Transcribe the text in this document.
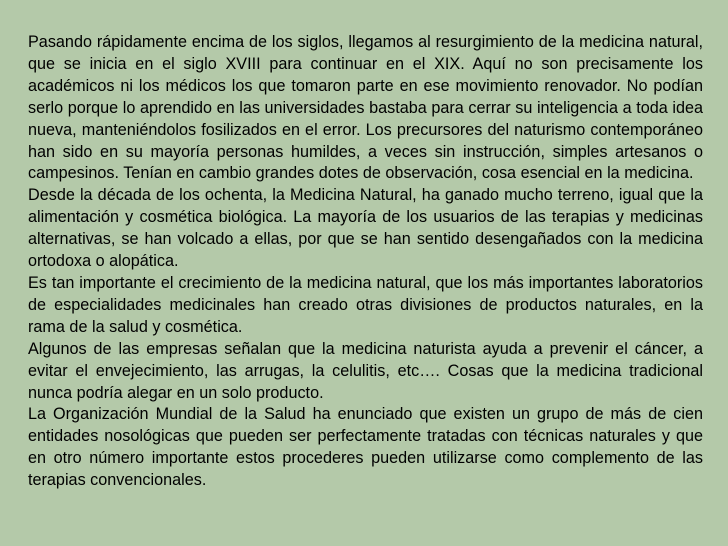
Pasando rápidamente encima de los siglos, llegamos al resurgimiento de la medicina natural, que se inicia en el siglo XVIII para continuar en el XIX. Aquí no son precisamente los académicos ni los médicos los que tomaron parte en ese movimiento renovador. No podían serlo porque lo aprendido en las universidades bastaba para cerrar su inteligencia a toda idea nueva, manteniéndolos fosilizados en el error. Los precursores del naturismo contemporáneo han sido en su mayoría personas humildes, a veces sin instrucción, simples artesanos o campesinos. Tenían en cambio grandes dotes de observación, cosa esencial en la medicina.

Desde la década de los ochenta, la Medicina Natural, ha ganado mucho terreno, igual que la alimentación y cosmética biológica. La mayoría de los usuarios de las terapias y medicinas alternativas, se han volcado a ellas, por que se han sentido desengañados con la medicina ortodoxa o alopática.

Es tan importante el crecimiento de la medicina natural, que los más importantes laboratorios de especialidades medicinales han creado otras divisiones de productos naturales, en la rama de la salud y cosmética.

Algunos de las empresas señalan que la medicina naturista ayuda a prevenir el cáncer, a evitar el envejecimiento, las arrugas, la celulitis, etc…. Cosas que la medicina tradicional nunca podría alegar en un solo producto.

La Organización Mundial de la Salud ha enunciado que existen un grupo de más de cien entidades nosológicas que pueden ser perfectamente tratadas con técnicas naturales y que en otro número importante estos procederes pueden utilizarse como complemento de las terapias convencionales.
